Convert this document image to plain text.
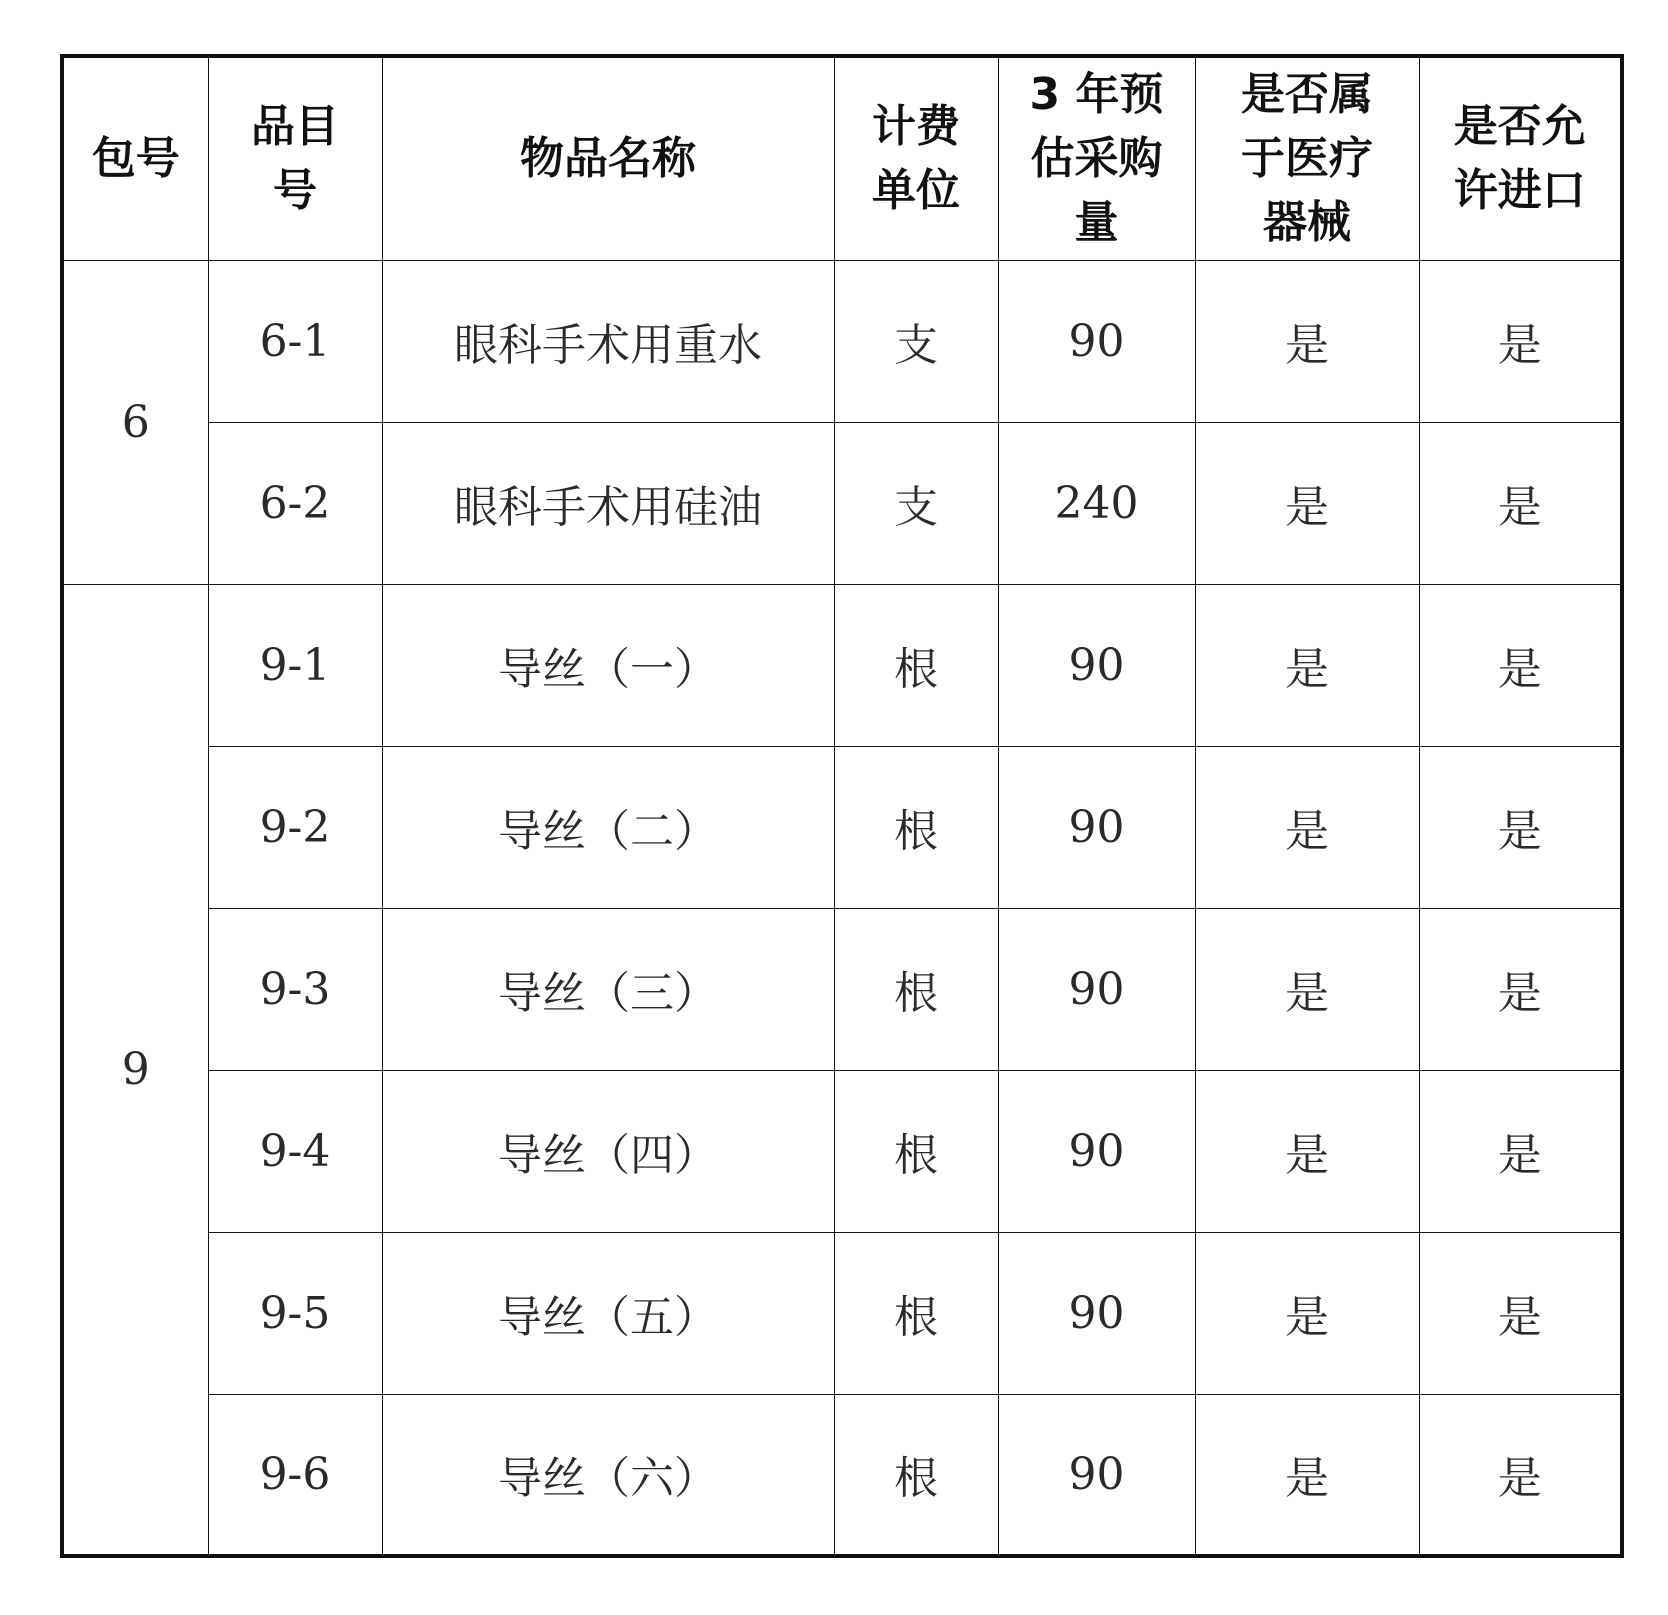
包号	品目号	物品名称	计费单位	3 年预估采购量	是否属于医疗器械	是否允许进口
6	6-1	眼科手术用重水	支	90	是	是
	6-2	眼科手术用硅油	支	240	是	是
9	9-1	导丝（一）	根	90	是	是
	9-2	导丝（二）	根	90	是	是
	9-3	导丝（三）	根	90	是	是
	9-4	导丝（四）	根	90	是	是
	9-5	导丝（五）	根	90	是	是
	9-6	导丝（六）	根	90	是	是
